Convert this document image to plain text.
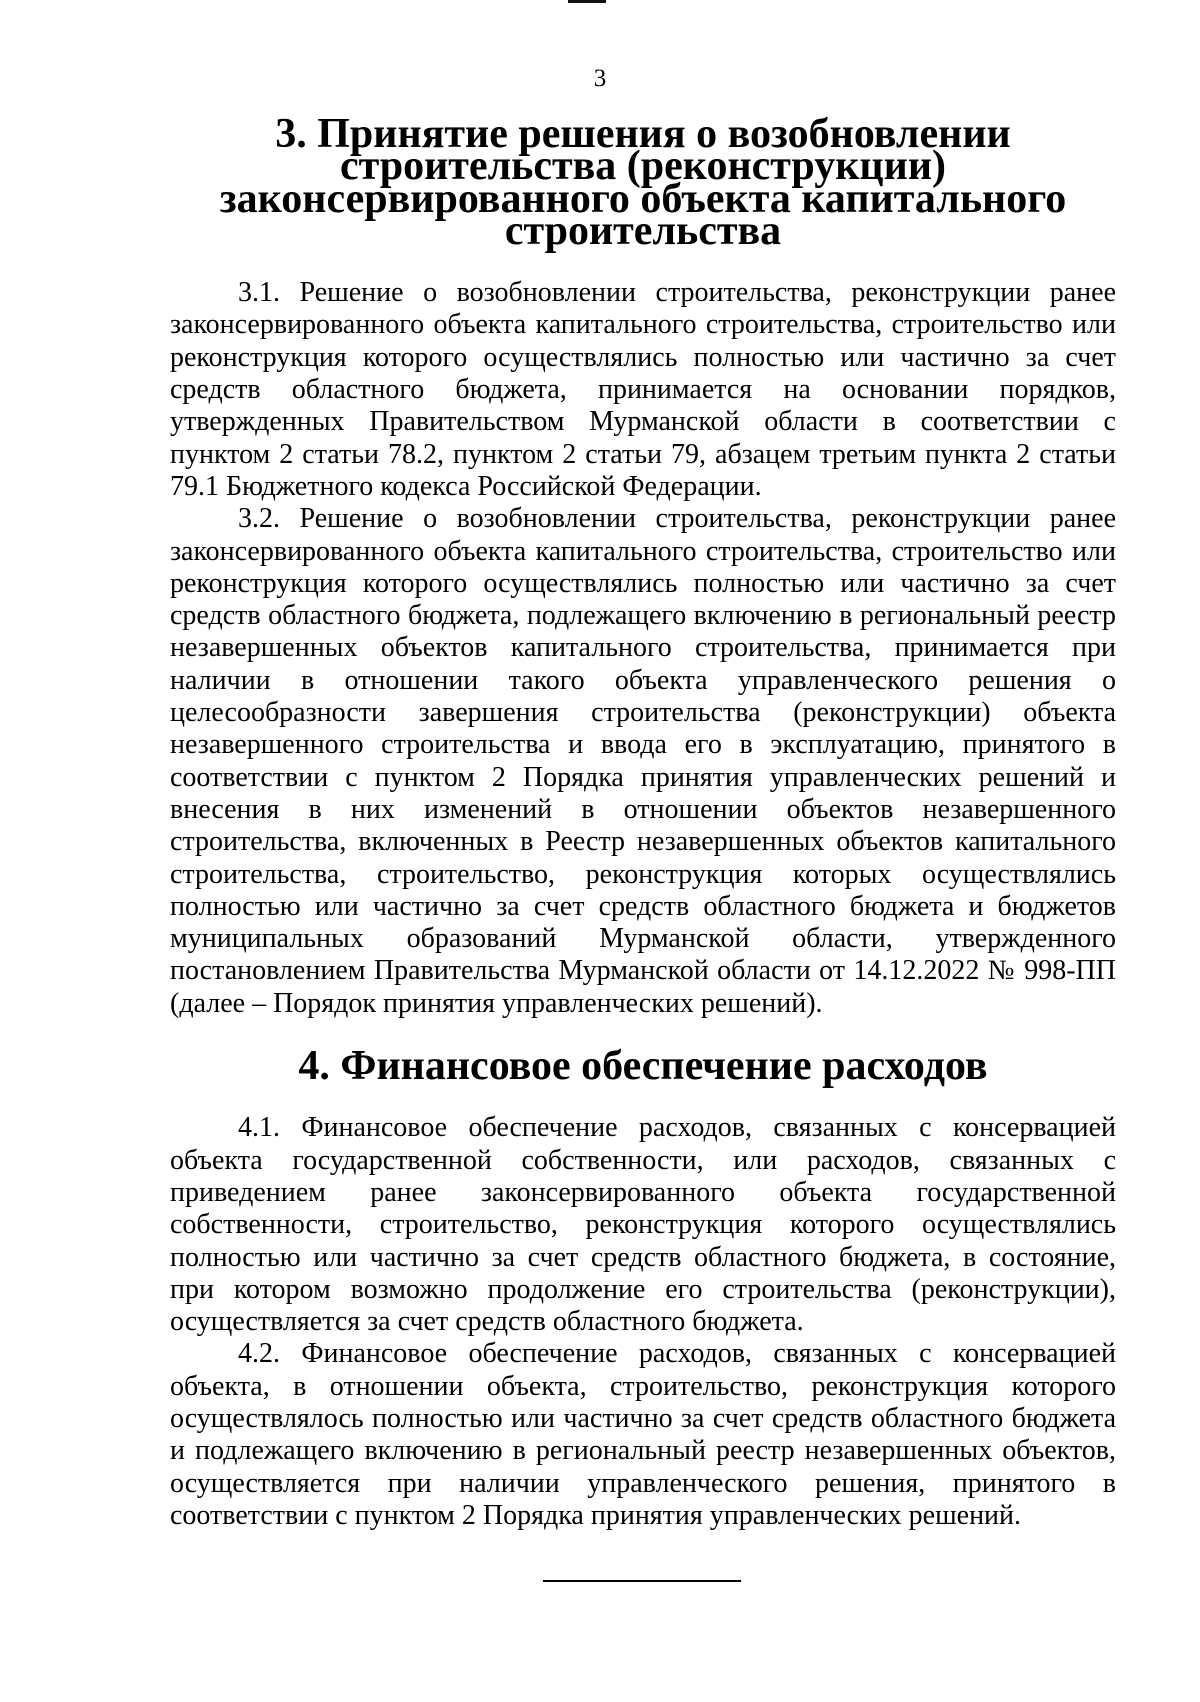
3
3. Принятие решения о возобновлении строительства (реконструкции)
законсервированного объекта капитального строительства

3.1. Решение о возобновлении строительства, реконструкции ранее законсервированного объекта капитального строительства, строительство или реконструкция которого осуществлялись полностью или частично за счет средств областного бюджета, принимается на основании порядков, утвержденных Правительством Мурманской области в соответствии с пунктом 2 статьи 78.2, пунктом 2 статьи 79, абзацем третьим пункта 2 статьи 79.1 Бюджетного кодекса Российской Федерации.

3.2. Решение о возобновлении строительства, реконструкции ранее законсервированного объекта капитального строительства, строительство или реконструкция которого осуществлялись полностью или частично за счет средств областного бюджета, подлежащего включению в региональный реестр незавершенных объектов капитального строительства, принимается при наличии в отношении такого объекта управленческого решения о целесообразности завершения строительства (реконструкции) объекта незавершенного строительства и ввода его в эксплуатацию, принятого в соответствии с пунктом 2 Порядка принятия управленческих решений и внесения в них изменений в отношении объектов незавершенного строительства, включенных в Реестр незавершенных объектов капитального строительства, строительство, реконструкция которых осуществлялись полностью или частично за счет средств областного бюджета и бюджетов муниципальных образований Мурманской области, утвержденного постановлением Правительства Мурманской области от 14.12.2022 № 998-ПП (далее – Порядок принятия управленческих решений).

4. Финансовое обеспечение расходов

4.1. Финансовое обеспечение расходов, связанных с консервацией объекта государственной собственности, или расходов, связанных с приведением ранее законсервированного объекта государственной собственности, строительство, реконструкция которого осуществлялись полностью или частично за счет средств областного бюджета, в состояние, при котором возможно продолжение его строительства (реконструкции), осуществляется за счет средств областного бюджета.

4.2. Финансовое обеспечение расходов, связанных с консервацией объекта, в отношении объекта, строительство, реконструкция которого осуществлялось полностью или частично за счет средств областного бюджета и подлежащего включению в региональный реестр незавершенных объектов, осуществляется при наличии управленческого решения, принятого в соответствии с пунктом 2 Порядка принятия управленческих решений.
